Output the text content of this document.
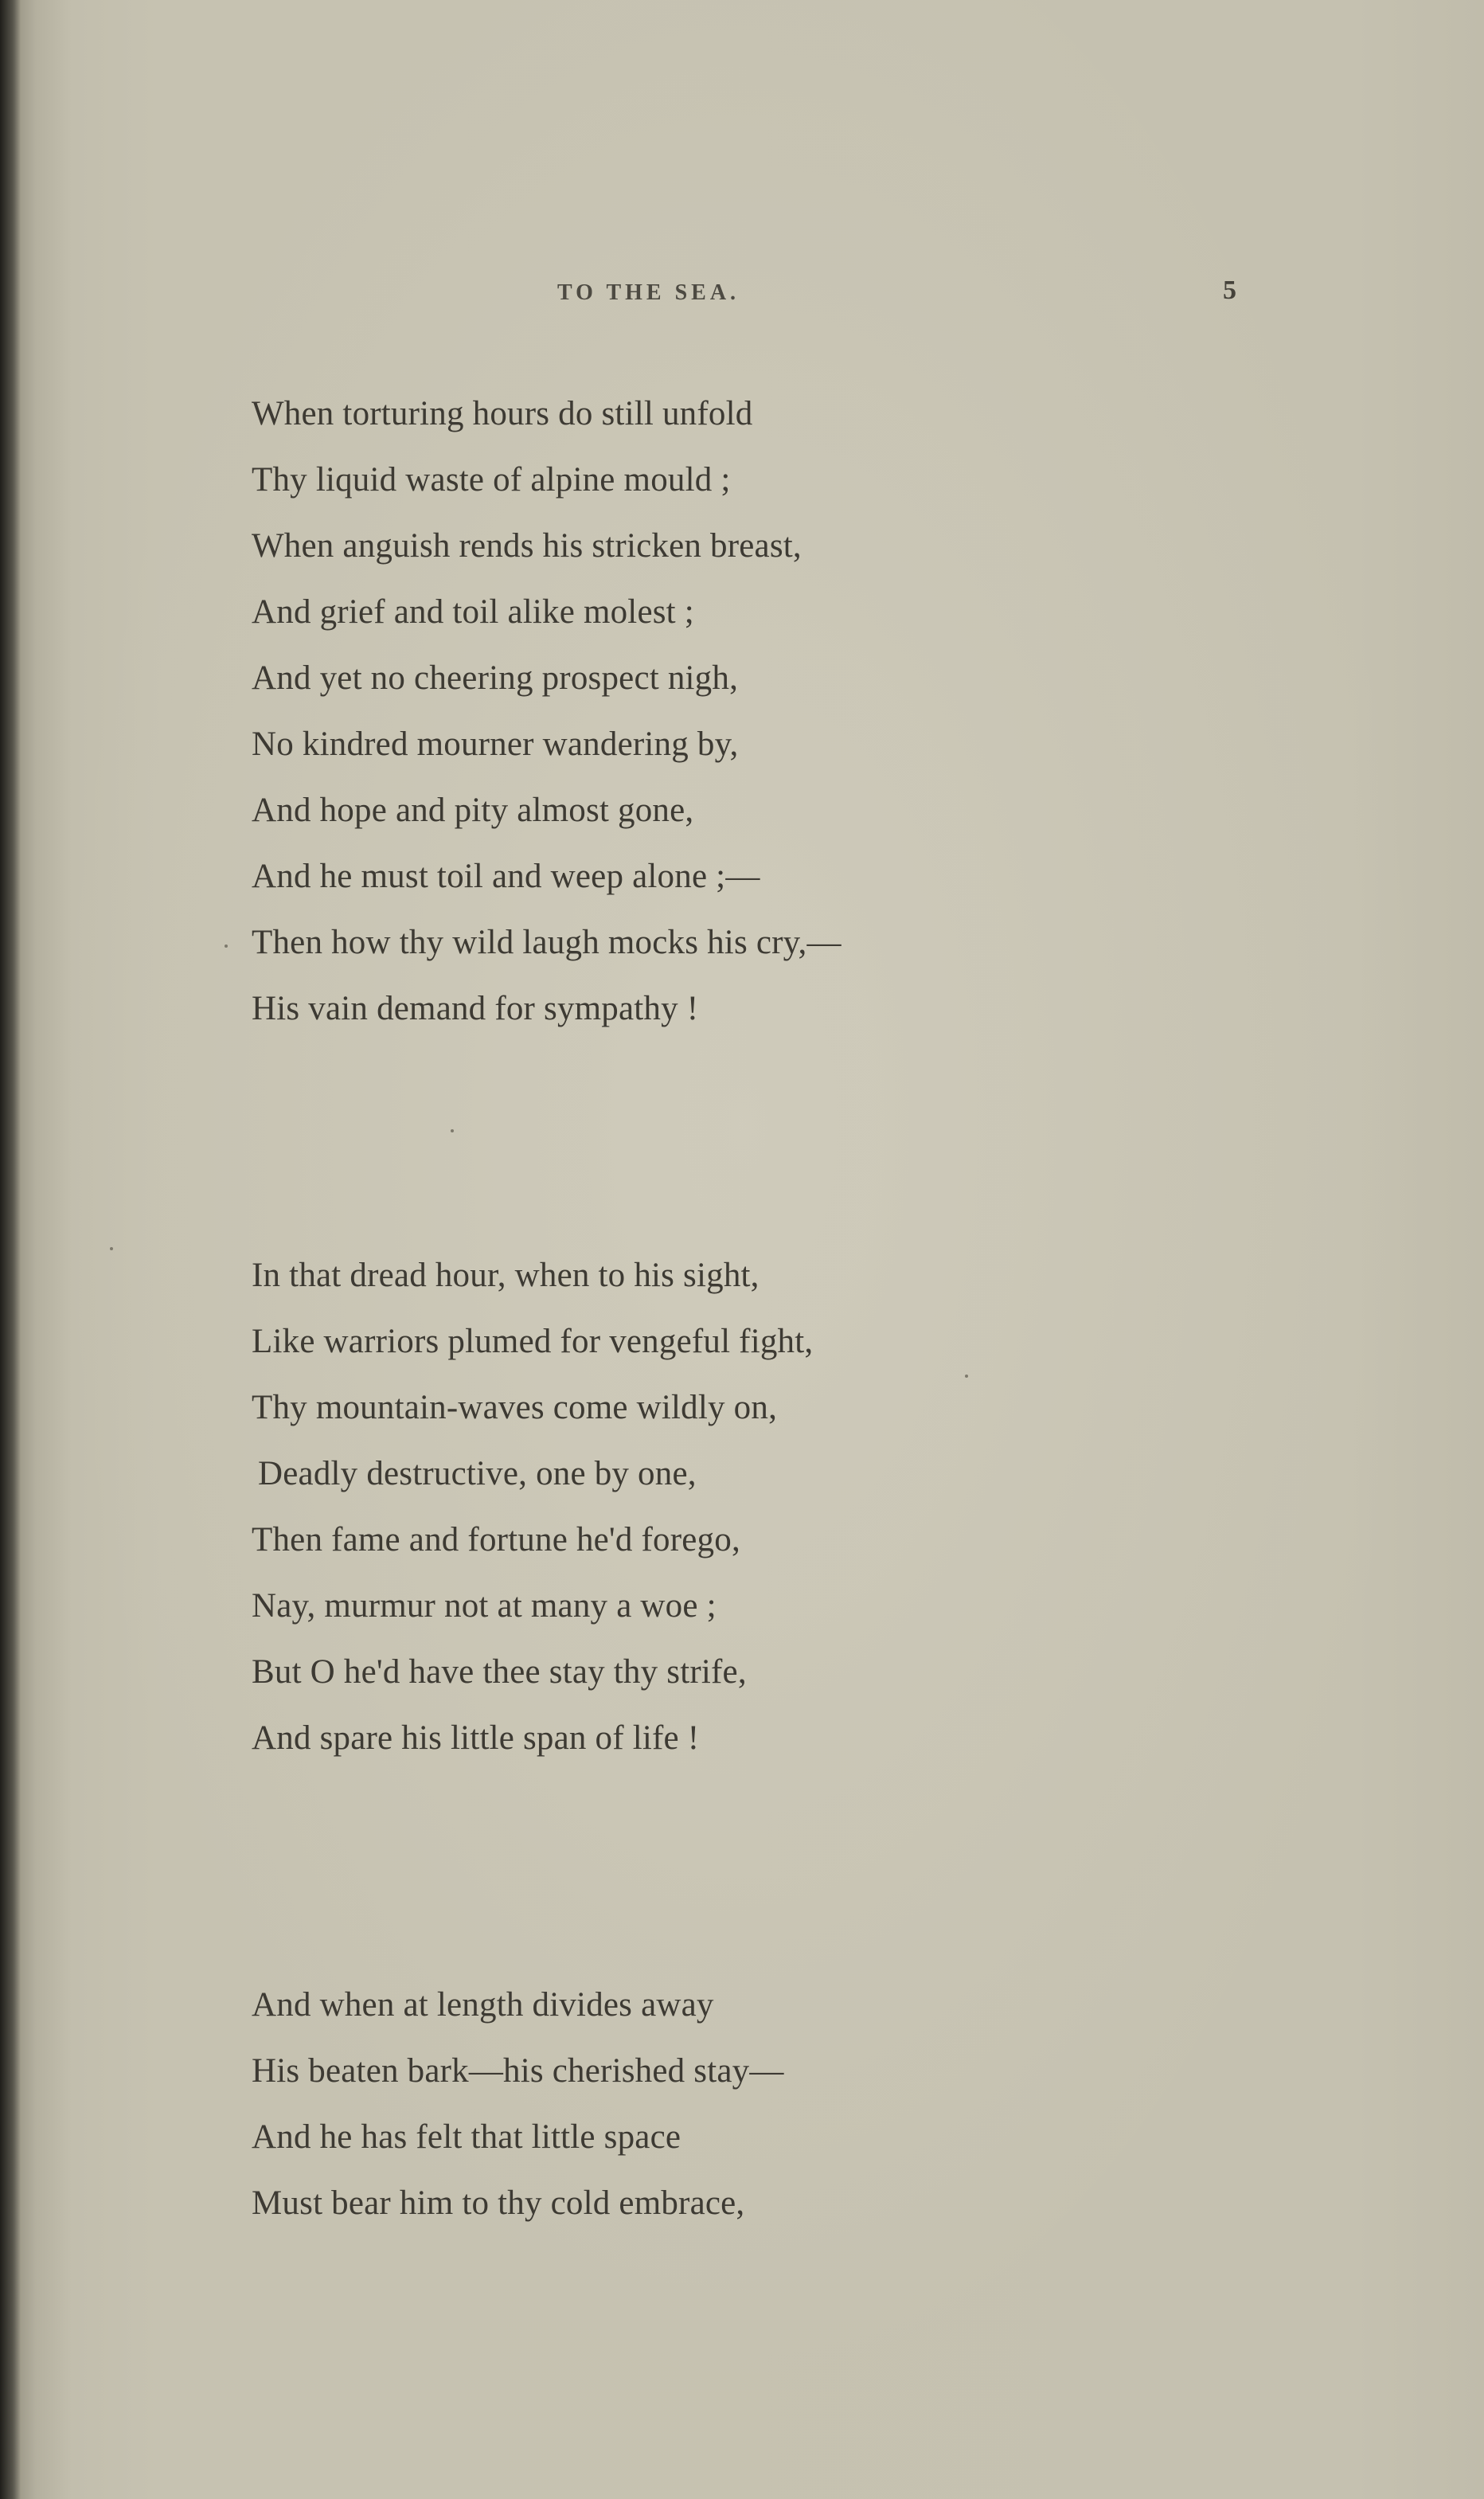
TO THE SEA.	5
When torturing hours do still unfold
Thy liquid waste of alpine mould ;
When anguish rends his stricken breast,
And grief and toil alike molest ;
And yet no cheering prospect nigh,
No kindred mourner wandering by,
And hope and pity almost gone,
And he must toil and weep alone ;—
Then how thy wild laugh mocks his cry,—
His vain demand for sympathy !
In that dread hour, when to his sight,
Like warriors plumed for vengeful fight,
Thy mountain-waves come wildly on,
Deadly destructive, one by one,
Then fame and fortune he'd forego,
Nay, murmur not at many a woe ;
But O he'd have thee stay thy strife,
And spare his little span of life !
And when at length divides away
His beaten bark—his cherished stay—
And he has felt that little space
Must bear him to thy cold embrace,
